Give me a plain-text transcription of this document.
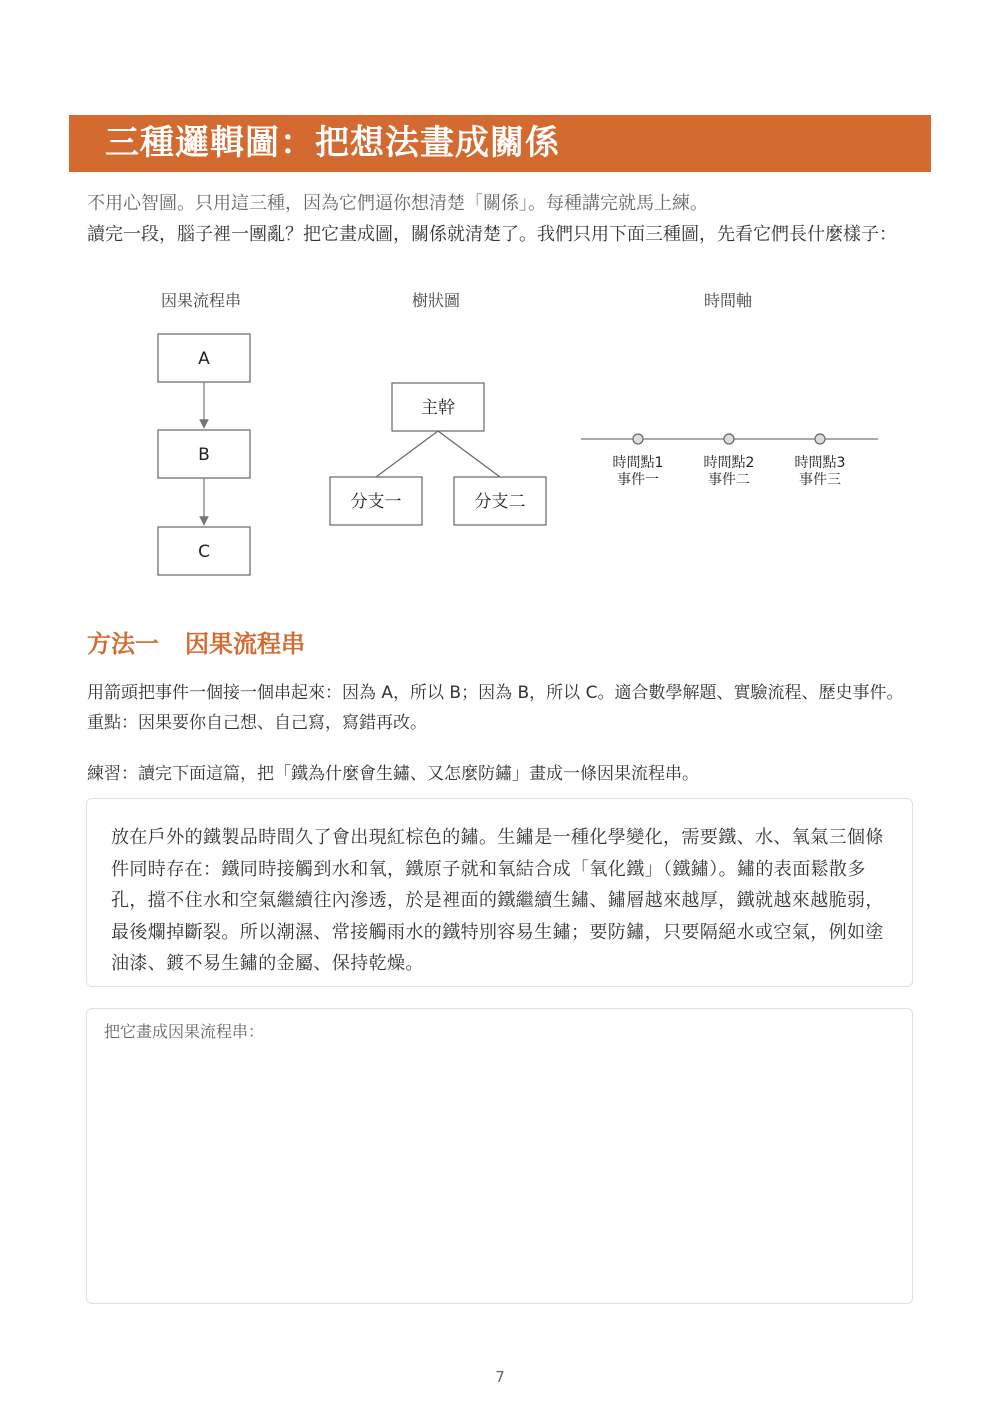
三種邏輯圖：把想法畫成關係
不用心智圖。只用這三種，因為它們逼你想清楚「關係」。每種講完就馬上練。
讀完一段，腦子裡一團亂？把它畫成圖，關係就清楚了。我們只用下面三種圖，先看它們長什麼樣子：
因果流程串	樹狀圖	時間軸
A
B
C
主幹
分支一	分支二
時間點1
事件一
時間點2
事件二
時間點3
事件三
方法一 因果流程串
用箭頭把事件一個接一個串起來：因為 A，所以 B；因為 B，所以 C。適合數學解題、實驗流程、歷史事件。
重點：因果要你自己想、自己寫，寫錯再改。
練習：讀完下面這篇，把「鐵為什麼會生鏽、又怎麼防鏽」畫成一條因果流程串。
放在戶外的鐵製品時間久了會出現紅棕色的鏽。生鏽是一種化學變化，需要鐵、水、氧氣三個條件同時存在：鐵同時接觸到水和氧，鐵原子就和氧結合成「氧化鐵」（鐵鏽）。鏽的表面鬆散多孔，擋不住水和空氣繼續往內滲透，於是裡面的鐵繼續生鏽、鏽層越來越厚，鐵就越來越脆弱，最後爛掉斷裂。所以潮濕、常接觸雨水的鐵特別容易生鏽；要防鏽，只要隔絕水或空氣，例如塗油漆、鍍不易生鏽的金屬、保持乾燥。
把它畫成因果流程串：
7
